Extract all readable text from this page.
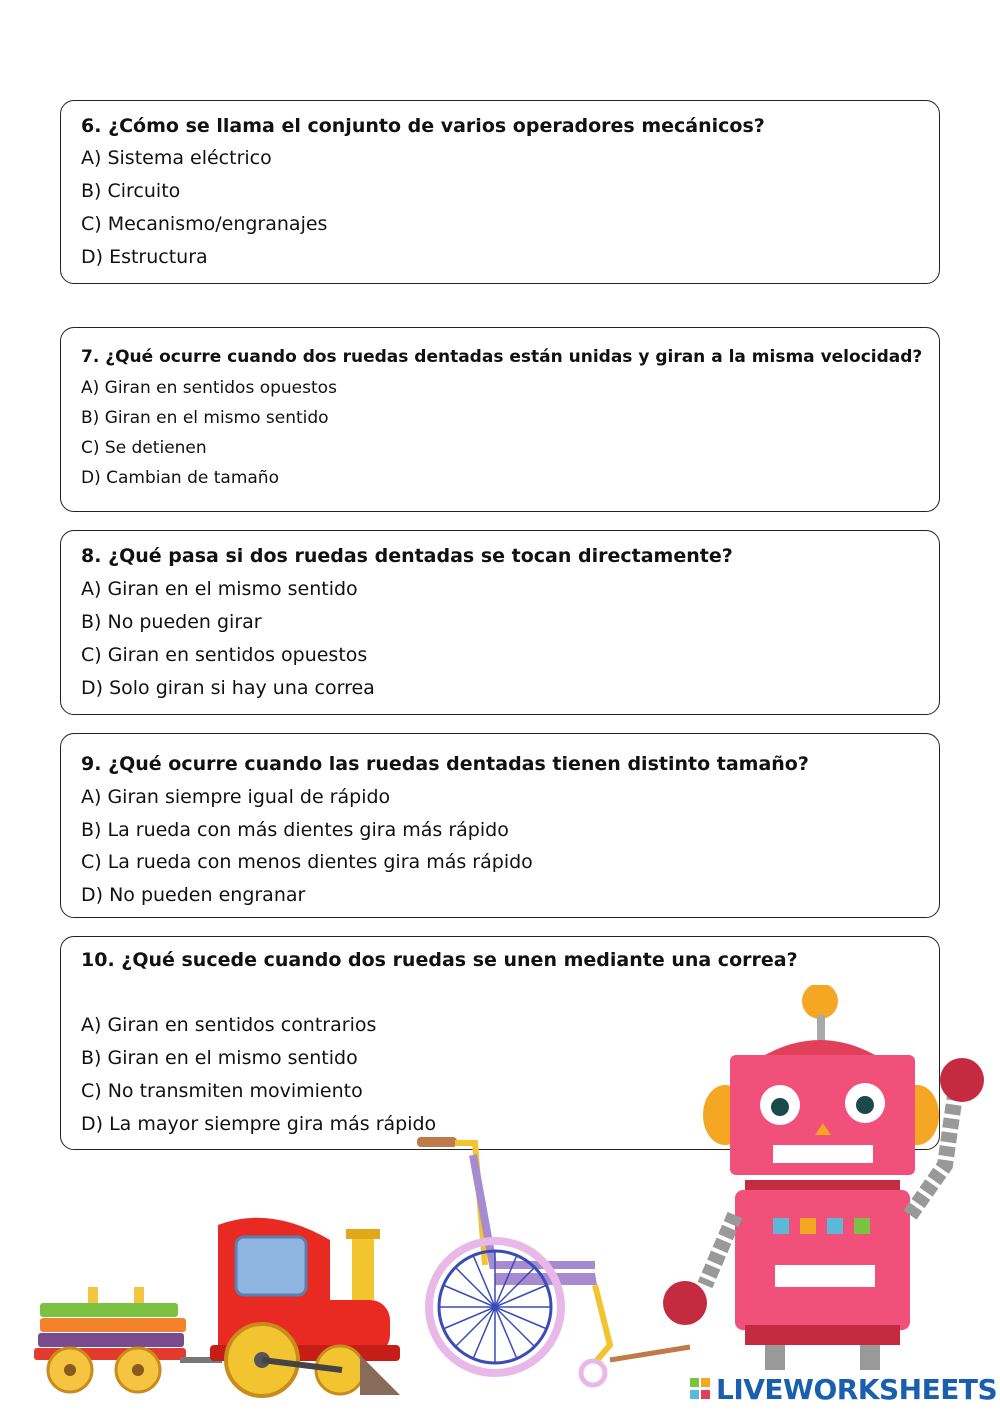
6. ¿Cómo se llama el conjunto de varios operadores mecánicos?

A) Sistema eléctrico

B) Circuito

C) Mecanismo/engranajes

D) Estructura

7. ¿Qué ocurre cuando dos ruedas dentadas están unidas y giran a la misma velocidad?

A) Giran en sentidos opuestos

B) Giran en el mismo sentido

C) Se detienen

D) Cambian de tamaño

8. ¿Qué pasa si dos ruedas dentadas se tocan directamente?

A) Giran en el mismo sentido

B) No pueden girar

C) Giran en sentidos opuestos

D) Solo giran si hay una correa

9. ¿Qué ocurre cuando las ruedas dentadas tienen distinto tamaño?

A) Giran siempre igual de rápido

B) La rueda con más dientes gira más rápido

C) La rueda con menos dientes gira más rápido

D) No pueden engranar

10. ¿Qué sucede cuando dos ruedas se unen mediante una correa?

A) Giran en sentidos contrarios

B) Giran en el mismo sentido

C) No transmiten movimiento

D) La mayor siempre gira más rápido

LIVEWORKSHEETS
